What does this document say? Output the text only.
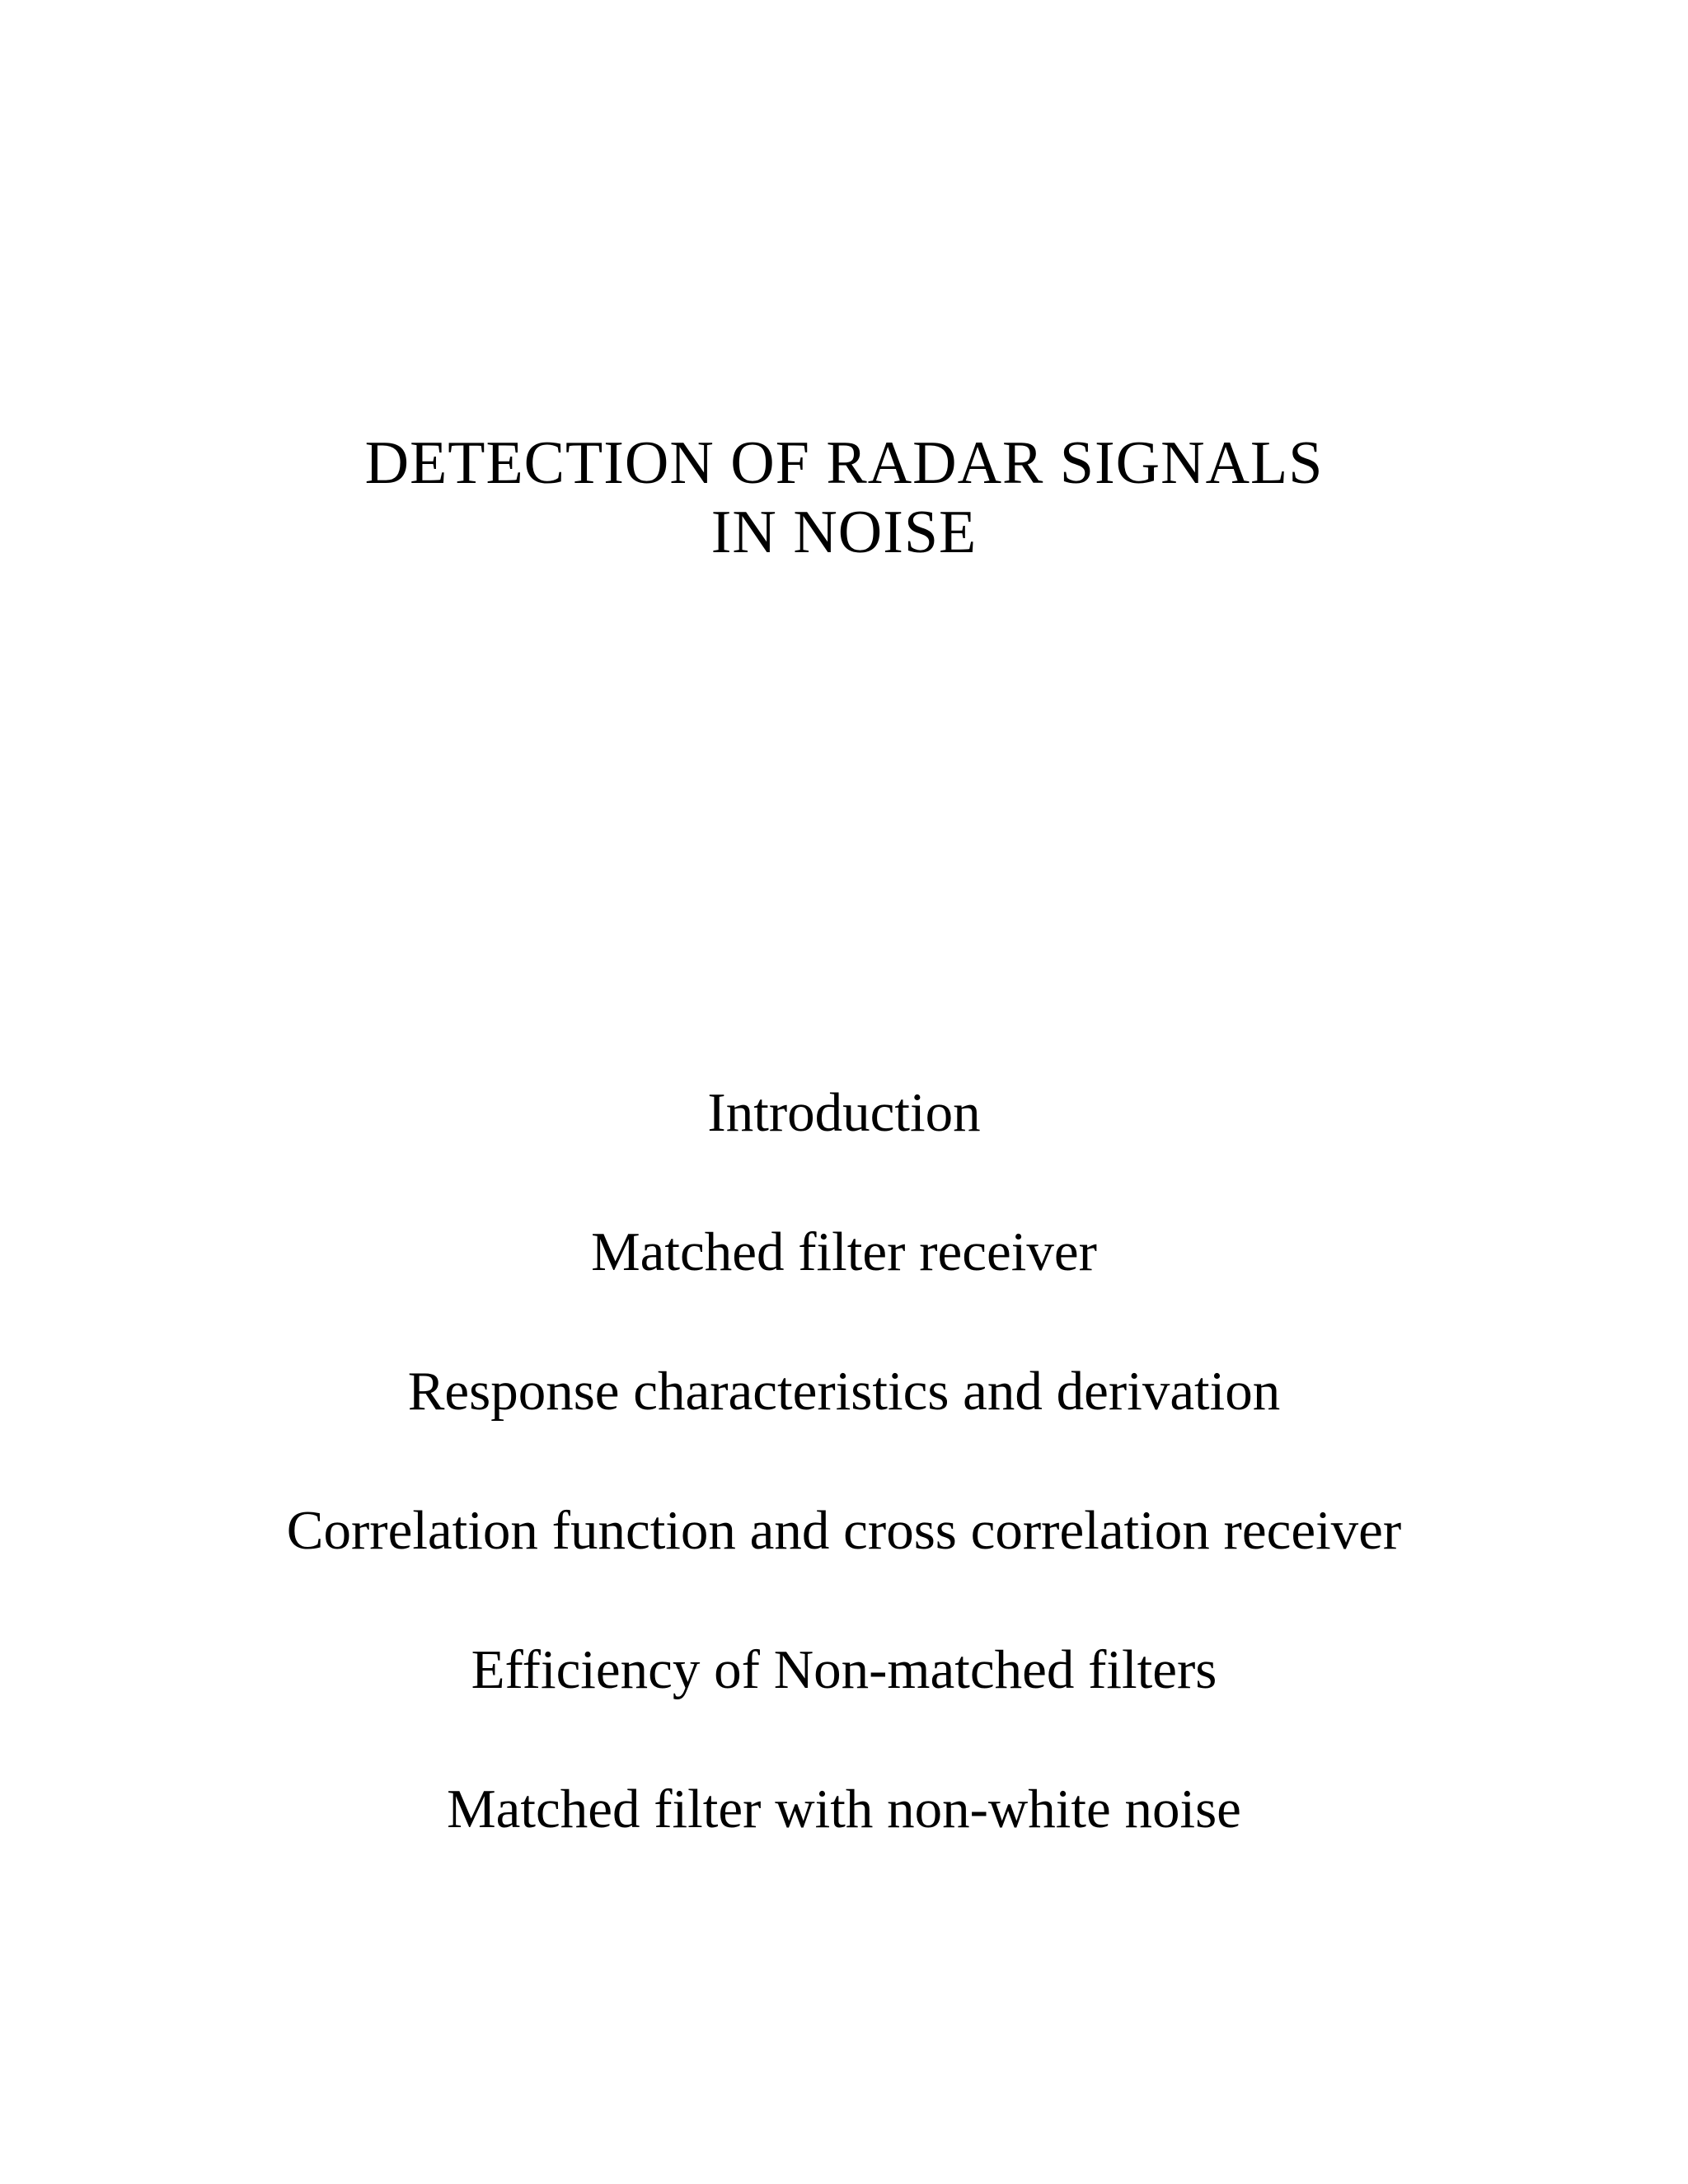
DETECTION OF RADAR SIGNALS
IN NOISE
Introduction
Matched filter receiver
Response characteristics and derivation
Correlation function and cross correlation receiver
Efficiency of Non-matched filters
Matched filter with non-white noise
